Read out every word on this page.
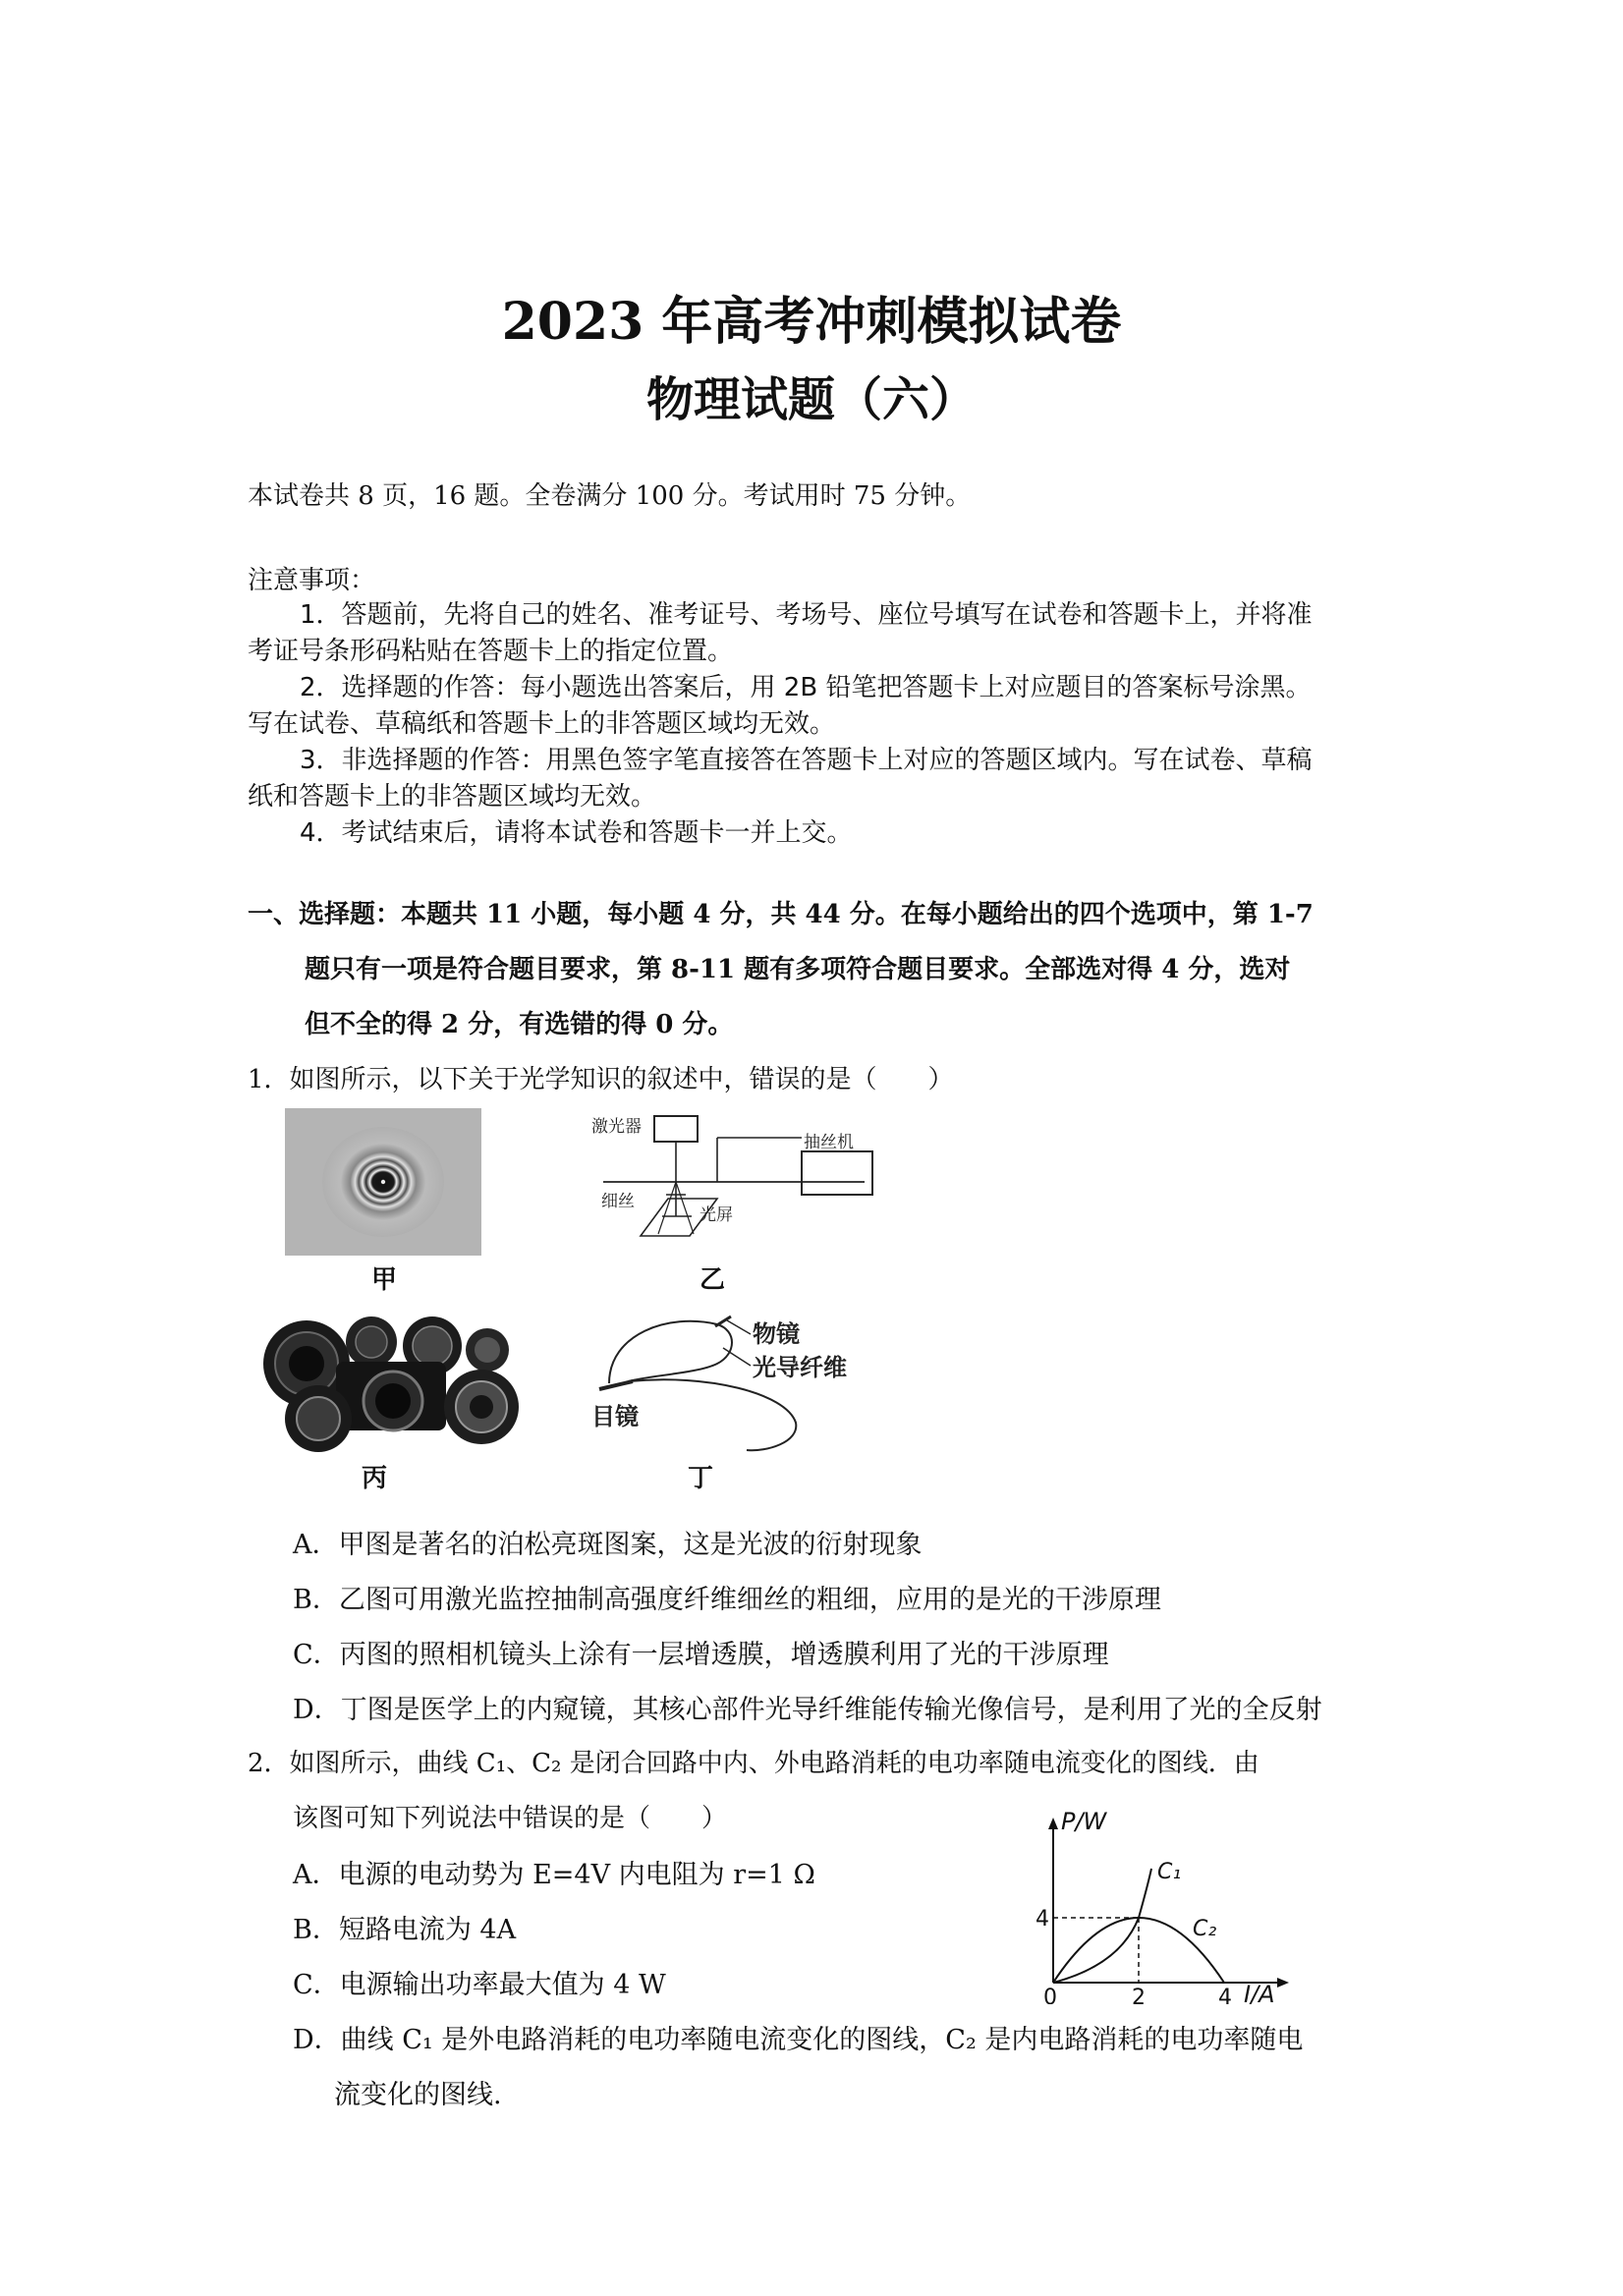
2023 年高考冲刺模拟试卷
物理试题（六）
本试卷共 8 页，16 题。全卷满分 100 分。考试用时 75 分钟。
注意事项：
1．答题前，先将自己的姓名、准考证号、考场号、座位号填写在试卷和答题卡上，并将准
考证号条形码粘贴在答题卡上的指定位置。
2．选择题的作答：每小题选出答案后，用 2B 铅笔把答题卡上对应题目的答案标号涂黑。
写在试卷、草稿纸和答题卡上的非答题区域均无效。
3．非选择题的作答：用黑色签字笔直接答在答题卡上对应的答题区域内。写在试卷、草稿
纸和答题卡上的非答题区域均无效。
4．考试结束后，请将本试卷和答题卡一并上交。
一、选择题：本题共 11 小题，每小题 4 分，共 44 分。在每小题给出的四个选项中，第 1-7
题只有一项是符合题目要求，第 8-11 题有多项符合题目要求。全部选对得 4 分，选对
但不全的得 2 分，有选错的得 0 分。
1．如图所示，以下关于光学知识的叙述中，错误的是（　　）
甲
激光器
抽丝机
细丝
光屏
乙
丙
物镜
光导纤维
目镜
丁
A．甲图是著名的泊松亮斑图案，这是光波的衍射现象
B．乙图可用激光监控抽制高强度纤维细丝的粗细，应用的是光的干涉原理
C．丙图的照相机镜头上涂有一层增透膜，增透膜利用了光的干涉原理
D．丁图是医学上的内窥镜，其核心部件光导纤维能传输光像信号，是利用了光的全反射
2．如图所示，曲线 C₁、C₂ 是闭合回路中内、外电路消耗的电功率随电流变化的图线．由
该图可知下列说法中错误的是（　　）
A．电源的电动势为 E=4V 内电阻为 r=1 Ω
B．短路电流为 4A
C．电源输出功率最大值为 4 W
D．曲线 C₁ 是外电路消耗的电功率随电流变化的图线，C₂ 是内电路消耗的电功率随电
流变化的图线.
P/W
I/A
0
4
2	4
C₁
C₂
